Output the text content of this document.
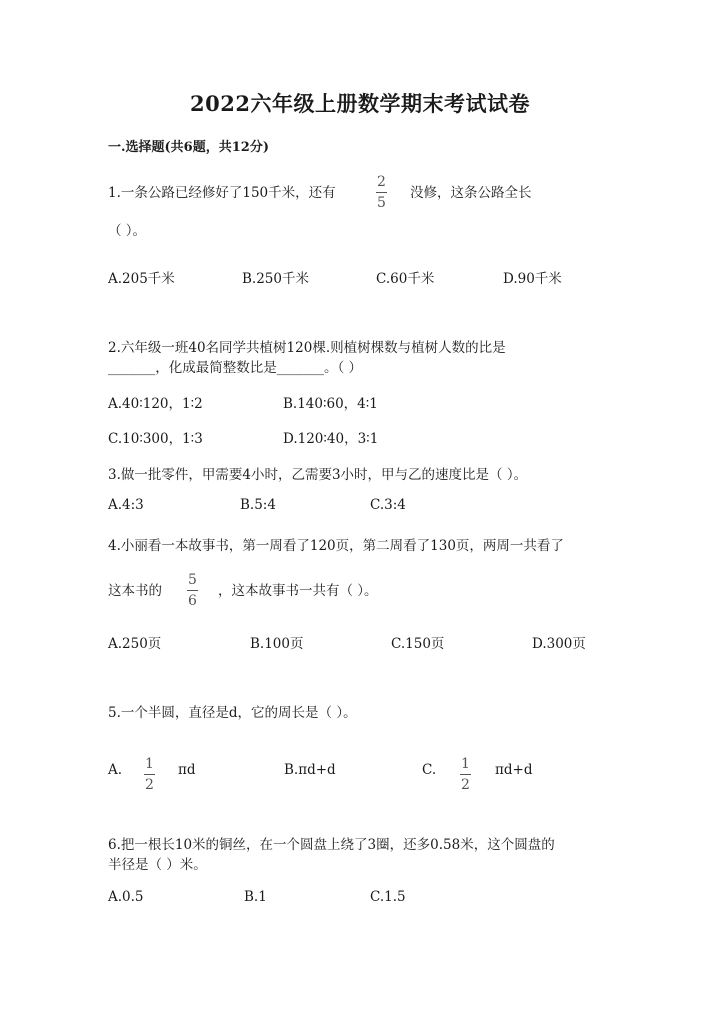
2022六年级上册数学期末考试试卷
一.选择题(共6题，共12分)
1.一条公路已经修好了150千米，还有
2
5
没修，这条公路全长
（ ）。
A.205千米	B.250千米	C.60千米	D.90千米
2.六年级一班40名同学共植树120棵.则植树棵数与植树人数的比是
_______，化成最简整数比是_______。（ ）
A.40∶120，1∶2	B.140∶60，4∶1
C.10∶300，1∶3	D.120∶40，3∶1
3.做一批零件，甲需要4小时，乙需要3小时，甲与乙的速度比是（ ）。
A.4:3	B.5:4	C.3:4
4.小丽看一本故事书，第一周看了120页，第二周看了130页，两周一共看了
这本书的
5
6
，这本故事书一共有（ ）。
A.250页	B.100页	C.150页	D.300页
5.一个半圆，直径是d，它的周长是（ ）。
A. 1
2
πd	B.πd+d	C. 1
2
πd+d
6.把一根长10米的铜丝，在一个圆盘上绕了3圈，还多0.58米，这个圆盘的
半径是（ ）米。
A.0.5	B.1	C.1.5
